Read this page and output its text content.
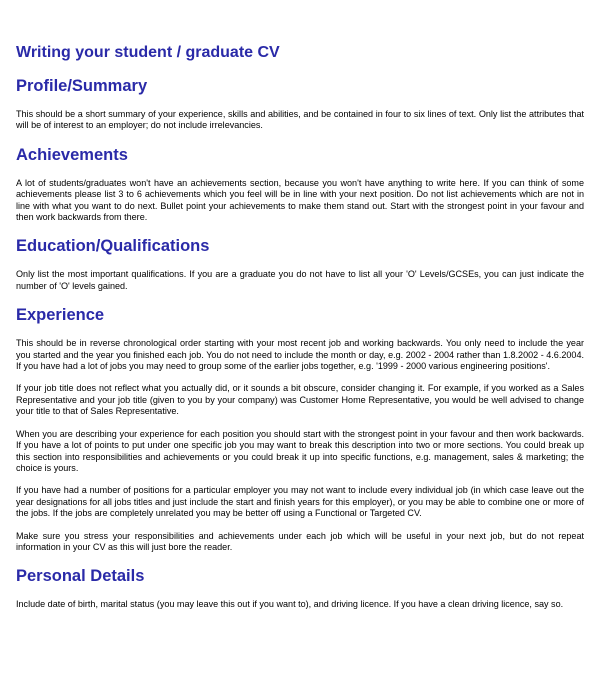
Writing your student / graduate CV
Profile/Summary

This should be a short summary of your experience, skills and abilities, and be contained in four to six lines of text. Only list the attributes that will be of interest to an employer; do not include irrelevancies.

Achievements

A lot of students/graduates won't have an achievements section, because you won't have anything to write here. If you can think of some achievements please list 3 to 6 achievements which you feel will be in line with your next position. Do not list achievements which are not in line with what you want to do next. Bullet point your achievements to make them stand out. Start with the strongest point in your favour and then work backwards from there.

Education/Qualifications

Only list the most important qualifications. If you are a graduate you do not have to list all your 'O' Levels/GCSEs, you can just indicate the number of 'O' levels gained.

Experience

This should be in reverse chronological order starting with your most recent job and working backwards. You only need to include the year you started and the year you finished each job. You do not need to include the month or day, e.g. 2002 - 2004 rather than 1.8.2002 - 4.6.2004. If you have had a lot of jobs you may need to group some of the earlier jobs together, e.g. '1999 - 2000 various engineering positions'.

If your job title does not reflect what you actually did, or it sounds a bit obscure, consider changing it. For example, if you worked as a Sales Representative and your job title (given to you by your company) was Customer Home Representative, you would be well advised to change your title to that of Sales Representative.

When you are describing your experience for each position you should start with the strongest point in your favour and then work backwards. If you have a lot of points to put under one specific job you may want to break this description into two or more sections. You could break up this section into responsibilities and achievements or you could break it up into specific functions, e.g. management, sales & marketing; the choice is yours.

If you have had a number of positions for a particular employer you may not want to include every individual job (in which case leave out the year designations for all jobs titles and just include the start and finish years for this employer), or you may be able to combine one or more of the jobs. If the jobs are completely unrelated you may be better off using a Functional or Targeted CV.

Make sure you stress your responsibilities and achievements under each job which will be useful in your next job, but do not repeat information in your CV as this will just bore the reader.

Personal Details

Include date of birth, marital status (you may leave this out if you want to), and driving licence. If you have a clean driving licence, say so.
